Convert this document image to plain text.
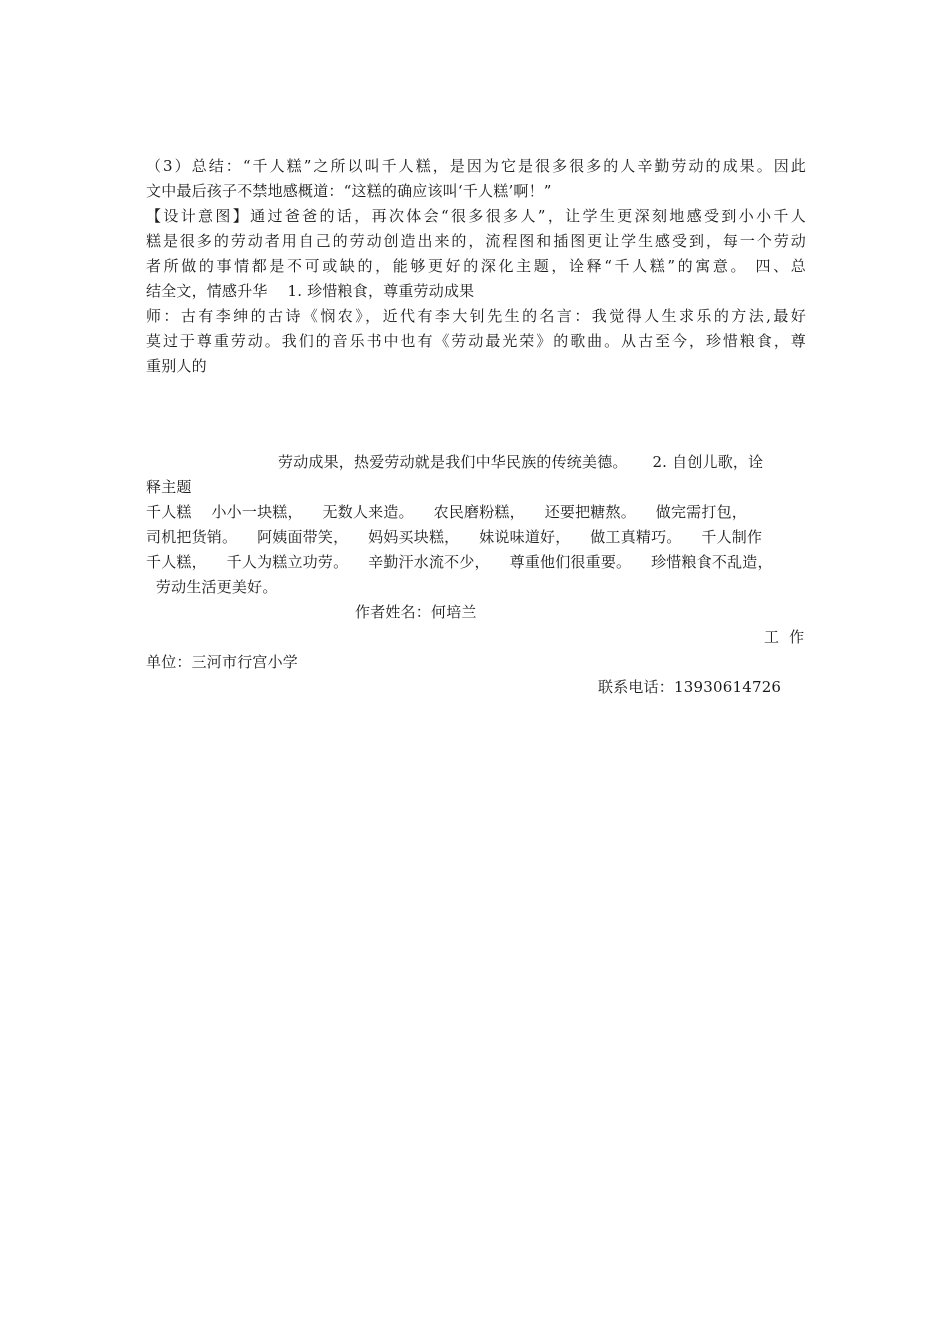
（3）总结：“千人糕”之所以叫千人糕，是因为它是很多很多的人辛勤劳动的成果。因此
文中最后孩子不禁地感概道：“这糕的确应该叫‘千人糕’啊！”
【设计意图】通过爸爸的话，再次体会“很多很多人”，让学生更深刻地感受到小小千人
糕是很多的劳动者用自己的劳动创造出来的，流程图和插图更让学生感受到，每一个劳动
者所做的事情都是不可或缺的，能够更好的深化主题，诠释“千人糕”的寓意。 四、总
结全文，情感升华    1. 珍惜粮食，尊重劳动成果
师：古有李绅的古诗《悯农》，近代有李大钊先生的名言：我觉得人生求乐的方法,最好
莫过于尊重劳动。我们的音乐书中也有《劳动最光荣》的歌曲。从古至今，珍惜粮食，尊
重别人的
劳动成果，热爱劳动就是我们中华民族的传统美德。     2. 自创儿歌，诠
释主题
千人糕    小小一块糕，    无数人来造。    农民磨粉糕，    还要把糖熬。    做完需打包，
司机把货销。    阿姨面带笑，    妈妈买块糕，    妹说味道好，    做工真精巧。    千人制作
千人糕，    千人为糕立功劳。    辛勤汗水流不少，    尊重他们很重要。    珍惜粮食不乱造，
劳动生活更美好。
作者姓名：何培兰
工  作
单位：三河市行宫小学
联系电话：13930614726
